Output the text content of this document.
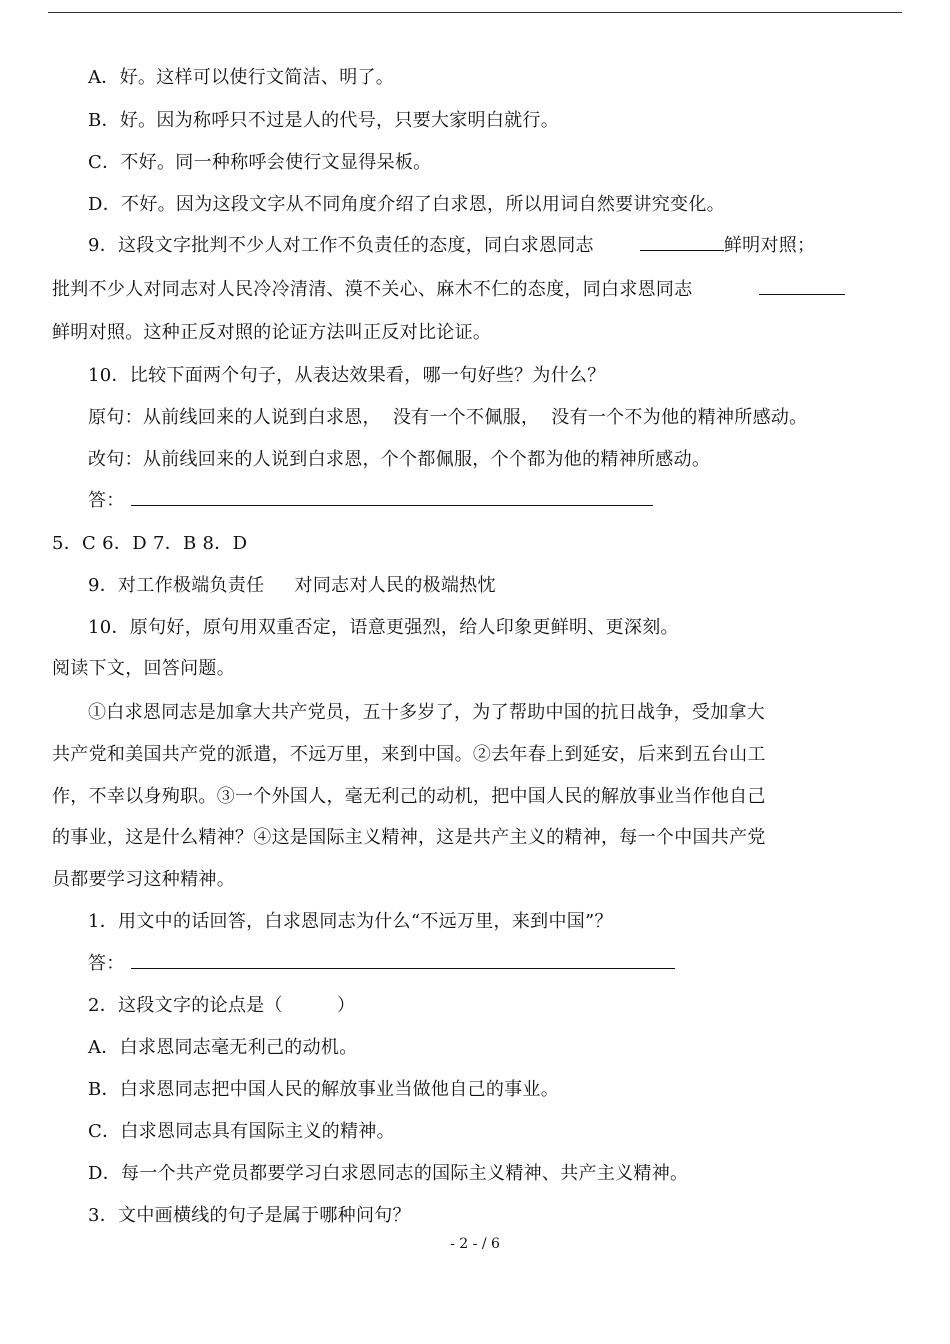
A．好。这样可以使行文简洁、明了。
B．好。因为称呼只不过是人的代号，只要大家明白就行。
C．不好。同一种称呼会使行文显得呆板。
D．不好。因为这段文字从不同角度介绍了白求恩，所以用词自然要讲究变化。
9．这段文字批判不少人对工作不负责任的态度，同白求恩同志	鲜明对照；
批判不少人对同志对人民冷冷清清、漠不关心、麻木不仁的态度，同白求恩同志
鲜明对照。这种正反对照的论证方法叫正反对比论证。
10．比较下面两个句子，从表达效果看，哪一句好些？为什么？
原句：从前线回来的人说到白求恩，  没有一个不佩服，  没有一个不为他的精神所感动。
改句：从前线回来的人说到白求恩，个个都佩服，个个都为他的精神所感动。
答：
5．C 6．D 7．B 8．D
9．对工作极端负责任     对同志对人民的极端热忱
10．原句好，原句用双重否定，语意更强烈，给人印象更鲜明、更深刻。
阅读下文，回答问题。
①白求恩同志是加拿大共产党员，五十多岁了，为了帮助中国的抗日战争，受加拿大
共产党和美国共产党的派遣，不远万里，来到中国。②去年春上到延安，后来到五台山工
作，不幸以身殉职。③一个外国人，毫无利己的动机，把中国人民的解放事业当作他自己
的事业，这是什么精神？④这是国际主义精神，这是共产主义的精神，每一个中国共产党
员都要学习这种精神。
1．用文中的话回答，白求恩同志为什么“不远万里，来到中国”？
答：
2．这段文字的论点是（         ）
A．白求恩同志毫无利己的动机。
B．白求恩同志把中国人民的解放事业当做他自己的事业。
C．白求恩同志具有国际主义的精神。
D．每一个共产党员都要学习白求恩同志的国际主义精神、共产主义精神。
3．文中画横线的句子是属于哪种问句？
- 2 - / 6
